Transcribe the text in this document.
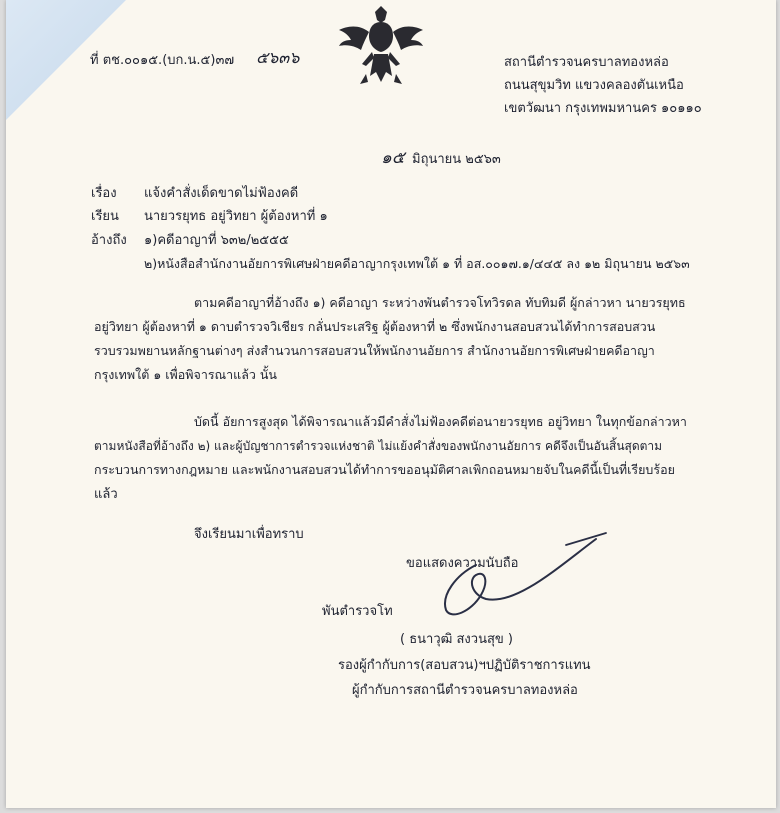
ที่ ตช.๐๐๑๕.(บก.น.๕)๓๗ ๕๖๓๖	สถานีตำรวจนครบาลทองหล่อ
ถนนสุขุมวิท แขวงคลองตันเหนือ
เขตวัฒนา กรุงเทพมหานคร ๑๐๑๑๐
๑๕ มิถุนายน ๒๕๖๓
เรื่อง แจ้งคำสั่งเด็ดขาดไม่ฟ้องคดี
เรียน นายวรยุทธ อยู่วิทยา ผู้ต้องหาที่ ๑
อ้างถึง ๑)คดีอาญาที่ ๖๓๒/๒๕๕๕
๒)หนังสือสำนักงานอัยการพิเศษฝ่ายคดีอาญากรุงเทพใต้ ๑ ที่ อส.๐๐๑๗.๑/๔๔๕ ลง ๑๒ มิถุนายน ๒๕๖๓
ตามคดีอาญาที่อ้างถึง ๑) คดีอาญา ระหว่างพันตำรวจโทวิรดล ทับทิมดี ผู้กล่าวหา นายวรยุทธ
อยู่วิทยา ผู้ต้องหาที่ ๑ ดาบตำรวจวิเชียร กลั่นประเสริฐ ผู้ต้องหาที่ ๒ ซึ่งพนักงานสอบสวนได้ทำการสอบสวน
รวบรวมพยานหลักฐานต่างๆ ส่งสำนวนการสอบสวนให้พนักงานอัยการ สำนักงานอัยการพิเศษฝ่ายคดีอาญา
กรุงเทพใต้ ๑ เพื่อพิจารณาแล้ว นั้น
บัดนี้ อัยการสูงสุด ได้พิจารณาแล้วมีคำสั่งไม่ฟ้องคดีต่อนายวรยุทธ อยู่วิทยา ในทุกข้อกล่าวหา
ตามหนังสือที่อ้างถึง ๒) และผู้บัญชาการตำรวจแห่งชาติ ไม่แย้งคำสั่งของพนักงานอัยการ คดีจึงเป็นอันสิ้นสุดตาม
กระบวนการทางกฎหมาย และพนักงานสอบสวนได้ทำการขออนุมัติศาลเพิกถอนหมายจับในคดีนี้เป็นที่เรียบร้อย
แล้ว
จึงเรียนมาเพื่อทราบ
ขอแสดงความนับถือ
พันตำรวจโท
( ธนาวุฒิ สงวนสุข )
รองผู้กำกับการ(สอบสวน)ฯปฏิบัติราชการแทน
ผู้กำกับการสถานีตำรวจนครบาลทองหล่อ
